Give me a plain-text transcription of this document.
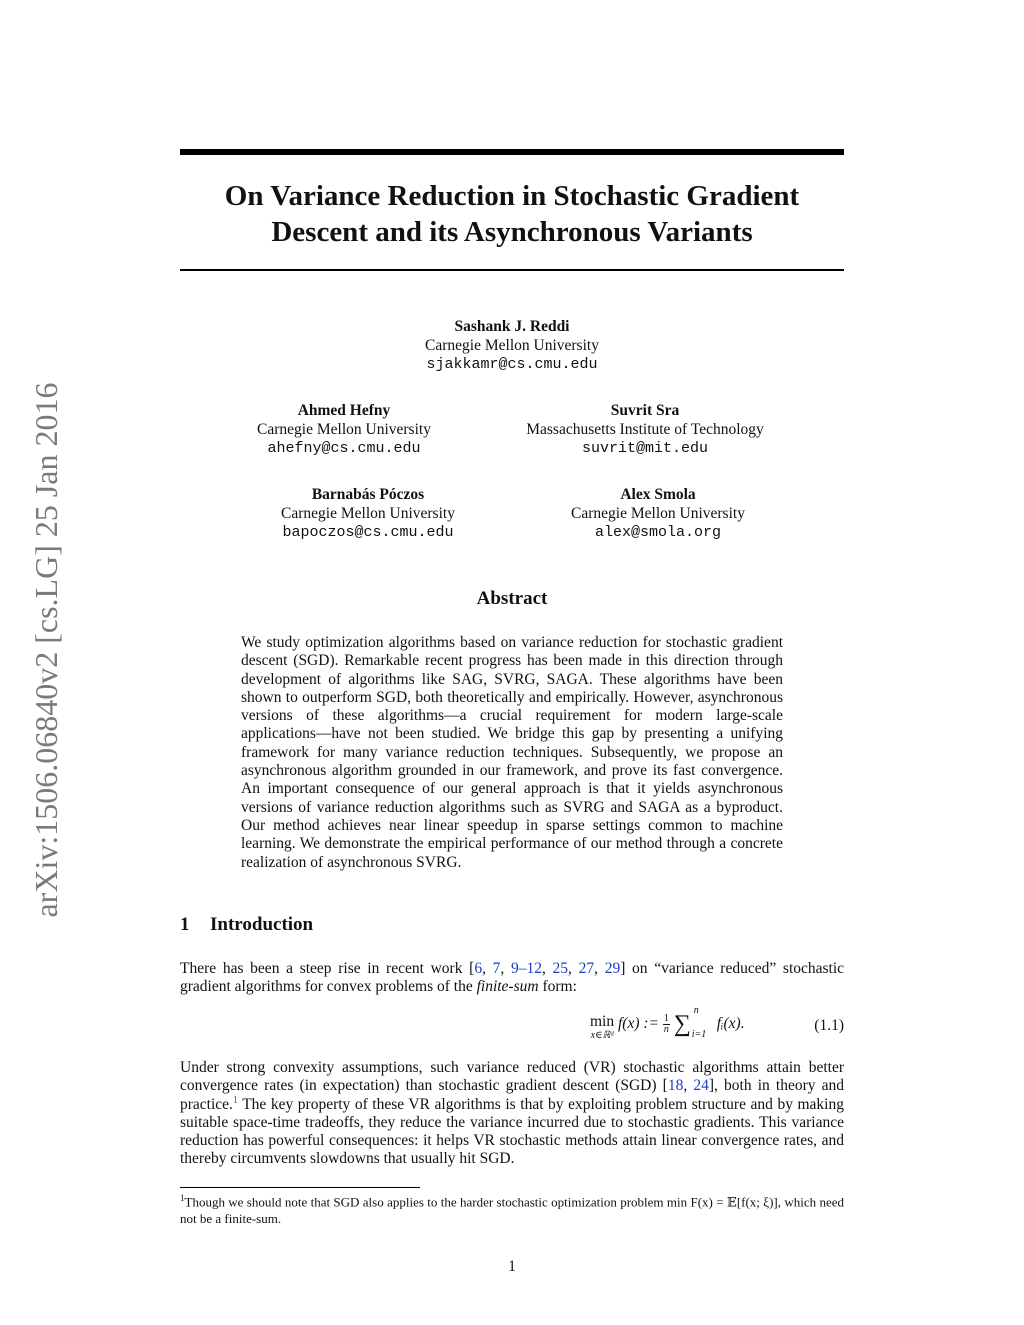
arXiv:1506.06840v2 [cs.LG] 25 Jan 2016
On Variance Reduction in Stochastic Gradient
Descent and its Asynchronous Variants
Sashank J. Reddi
Carnegie Mellon University
sjakkamr@cs.cmu.edu
Ahmed Hefny
Carnegie Mellon University
ahefny@cs.cmu.edu
Suvrit Sra
Massachusetts Institute of Technology
suvrit@mit.edu
Barnabás Póczos
Carnegie Mellon University
bapoczos@cs.cmu.edu
Alex Smola
Carnegie Mellon University
alex@smola.org
Abstract
We study optimization algorithms based on variance reduction for stochastic gradient descent (SGD). Remarkable recent progress has been made in this direction through development of algorithms like SAG, SVRG, SAGA. These algorithms have been shown to outperform SGD, both theoretically and empirically. However, asynchronous versions of these algorithms—a crucial requirement for modern large-scale applications—have not been studied. We bridge this gap by presenting a unifying framework for many variance reduction techniques. Subsequently, we propose an asynchronous algorithm grounded in our framework, and prove its fast convergence. An important consequence of our general approach is that it yields asynchronous versions of variance reduction algorithms such as SVRG and SAGA as a byproduct. Our method achieves near linear speedup in sparse settings common to machine learning. We demonstrate the empirical performance of our method through a concrete realization of asynchronous SVRG.
1 Introduction
There has been a steep rise in recent work [6, 7, 9–12, 25, 27, 29] on “variance reduced” stochastic gradient algorithms for convex problems of the finite-sum form:
min
x∈ℝᵈ
f(x) := $\frac{1}{n}$ ∑
n
i=1
fᵢ(x).	(1.1)
Under strong convexity assumptions, such variance reduced (VR) stochastic algorithms attain better convergence rates (in expectation) than stochastic gradient descent (SGD) [18, 24], both in theory and practice.$^1$ The key property of these VR algorithms is that by exploiting problem structure and by making suitable space-time tradeoffs, they reduce the variance incurred due to stochastic gradients. This variance reduction has powerful consequences: it helps VR stochastic methods attain linear convergence rates, and thereby circumvents slowdowns that usually hit SGD.
$^1$Though we should note that SGD also applies to the harder stochastic optimization problem min F(x) = 𝔼[f(x; ξ)], which need not be a finite-sum.
1
